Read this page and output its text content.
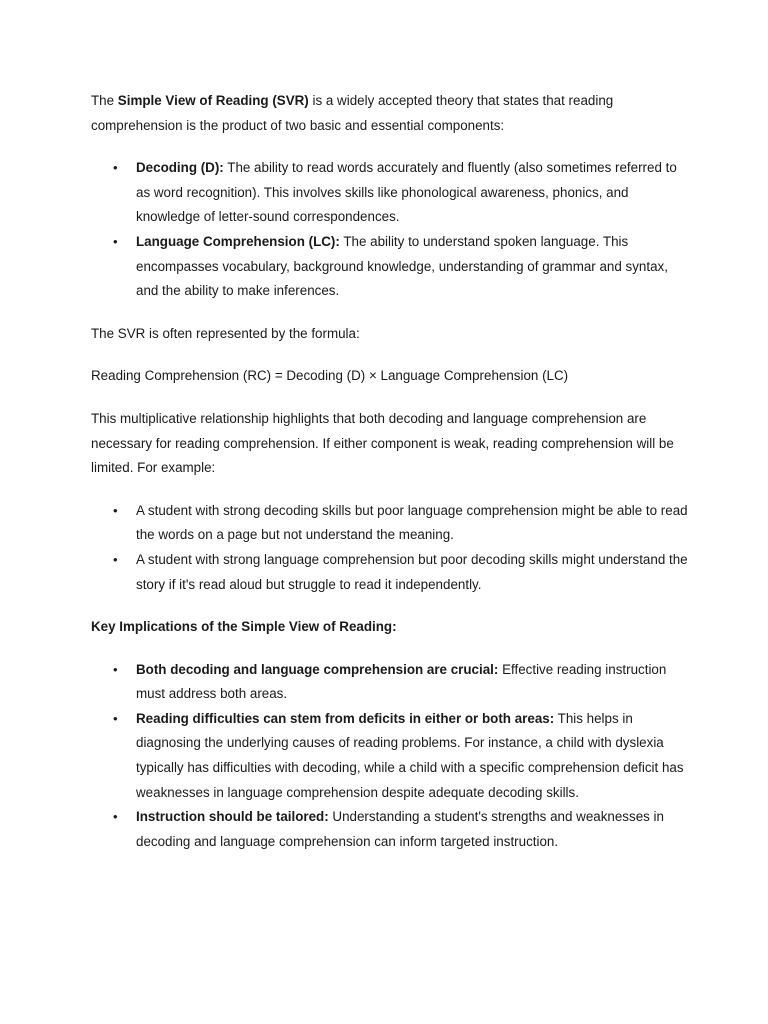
The Simple View of Reading (SVR) is a widely accepted theory that states that reading comprehension is the product of two basic and essential components:

• Decoding (D): The ability to read words accurately and fluently (also sometimes referred to as word recognition). This involves skills like phonological awareness, phonics, and knowledge of letter-sound correspondences.
• Language Comprehension (LC): The ability to understand spoken language. This encompasses vocabulary, background knowledge, understanding of grammar and syntax, and the ability to make inferences.

The SVR is often represented by the formula:

Reading Comprehension (RC) = Decoding (D) × Language Comprehension (LC)

This multiplicative relationship highlights that both decoding and language comprehension are necessary for reading comprehension. If either component is weak, reading comprehension will be limited. For example:

• A student with strong decoding skills but poor language comprehension might be able to read the words on a page but not understand the meaning.
• A student with strong language comprehension but poor decoding skills might understand the story if it's read aloud but struggle to read it independently.

Key Implications of the Simple View of Reading:

• Both decoding and language comprehension are crucial: Effective reading instruction must address both areas.
• Reading difficulties can stem from deficits in either or both areas: This helps in diagnosing the underlying causes of reading problems. For instance, a child with dyslexia typically has difficulties with decoding, while a child with a specific comprehension deficit has weaknesses in language comprehension despite adequate decoding skills.
• Instruction should be tailored: Understanding a student's strengths and weaknesses in decoding and language comprehension can inform targeted instruction.
